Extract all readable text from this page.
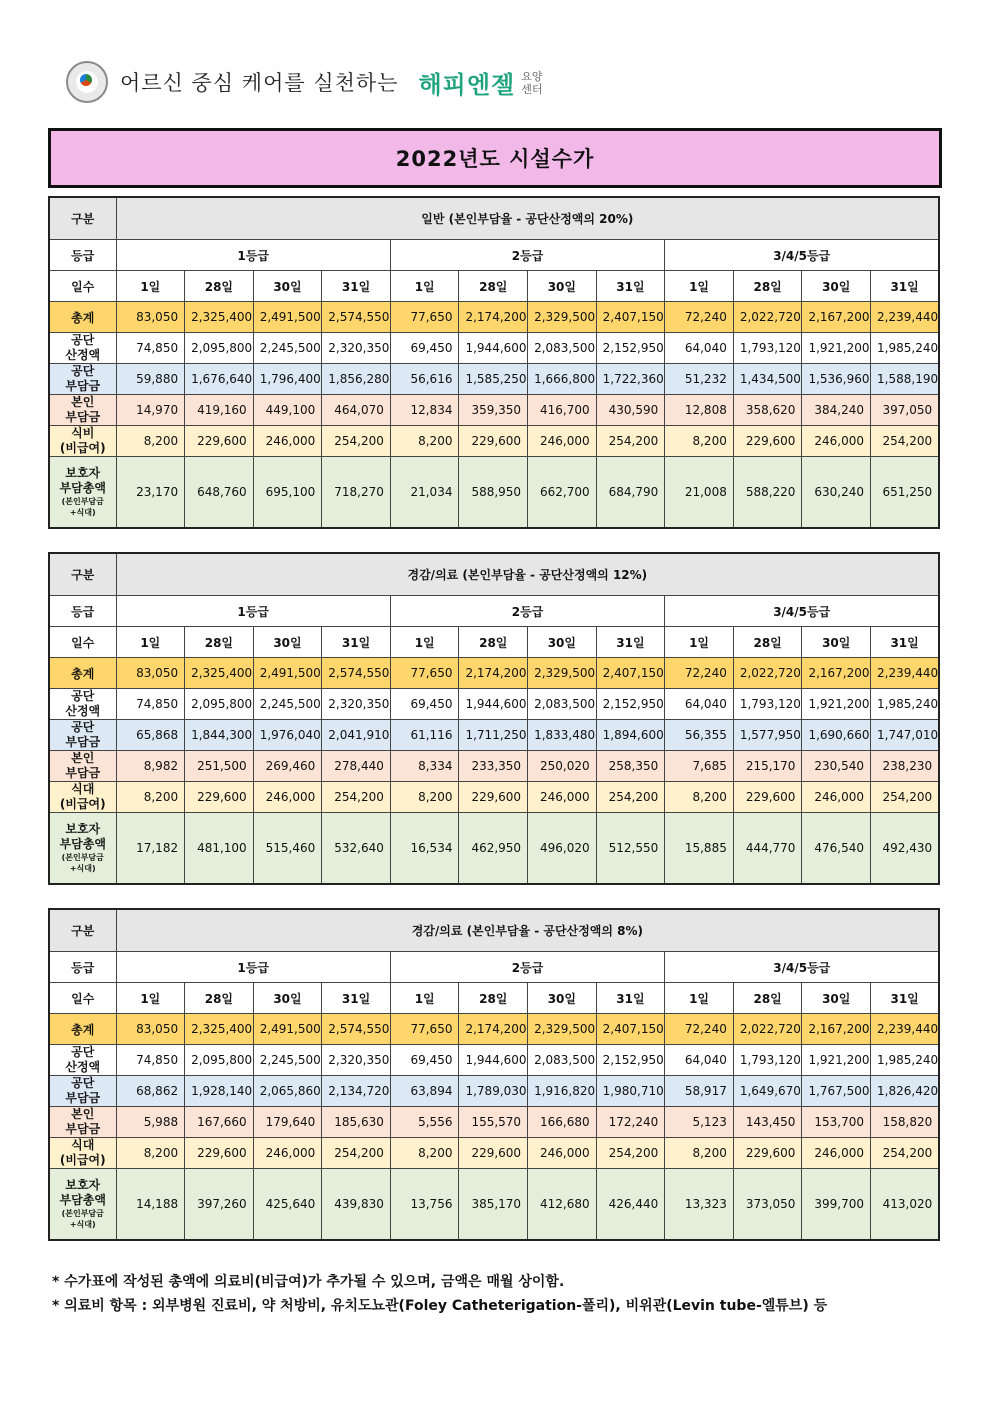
어르신 중심 케어를 실천하는 해피엔젤 요양
센터
2022년도 시설수가
구분	일반 (본인부담율 - 공단산정액의 20%)											
등급	1등급				2등급				3/4/5등급			
일수	1일	28일	30일	31일	1일	28일	30일	31일	1일	28일	30일	31일
총계	83,050	2,325,400	2,491,500	2,574,550	77,650	2,174,200	2,329,500	2,407,150	72,240	2,022,720	2,167,200	2,239,440

공단
산정액	74,850	2,095,800	2,245,500	2,320,350	69,450	1,944,600	2,083,500	2,152,950	64,040	1,793,120	1,921,200	1,985,240

공단
부담금	59,880	1,676,640	1,796,400	1,856,280	56,616	1,585,250	1,666,800	1,722,360	51,232	1,434,500	1,536,960	1,588,190

본인
부담금	14,970	419,160	449,100	464,070	12,834	359,350	416,700	430,590	12,808	358,620	384,240	397,050

식비
(비급여)	8,200	229,600	246,000	254,200	8,200	229,600	246,000	254,200	8,200	229,600	246,000	254,200

보호자
부담총액
(본인부담금
+식대)	23,170	648,760	695,100	718,270	21,034	588,950	662,700	684,790	21,008	588,220	630,240	651,250
구분	경감/의료 (본인부담율 - 공단산정액의 12%)											
등급	1등급				2등급				3/4/5등급			
일수	1일	28일	30일	31일	1일	28일	30일	31일	1일	28일	30일	31일
총계	83,050	2,325,400	2,491,500	2,574,550	77,650	2,174,200	2,329,500	2,407,150	72,240	2,022,720	2,167,200	2,239,440

공단
산정액	74,850	2,095,800	2,245,500	2,320,350	69,450	1,944,600	2,083,500	2,152,950	64,040	1,793,120	1,921,200	1,985,240

공단
부담금	65,868	1,844,300	1,976,040	2,041,910	61,116	1,711,250	1,833,480	1,894,600	56,355	1,577,950	1,690,660	1,747,010

본인
부담금	8,982	251,500	269,460	278,440	8,334	233,350	250,020	258,350	7,685	215,170	230,540	238,230

식대
(비급여)	8,200	229,600	246,000	254,200	8,200	229,600	246,000	254,200	8,200	229,600	246,000	254,200

보호자
부담총액
(본인부담금
+식대)	17,182	481,100	515,460	532,640	16,534	462,950	496,020	512,550	15,885	444,770	476,540	492,430
구분	경감/의료 (본인부담율 - 공단산정액의 8%)											
등급	1등급				2등급				3/4/5등급			
일수	1일	28일	30일	31일	1일	28일	30일	31일	1일	28일	30일	31일
총계	83,050	2,325,400	2,491,500	2,574,550	77,650	2,174,200	2,329,500	2,407,150	72,240	2,022,720	2,167,200	2,239,440

공단
산정액	74,850	2,095,800	2,245,500	2,320,350	69,450	1,944,600	2,083,500	2,152,950	64,040	1,793,120	1,921,200	1,985,240

공단
부담금	68,862	1,928,140	2,065,860	2,134,720	63,894	1,789,030	1,916,820	1,980,710	58,917	1,649,670	1,767,500	1,826,420

본인
부담금	5,988	167,660	179,640	185,630	5,556	155,570	166,680	172,240	5,123	143,450	153,700	158,820

식대
(비급여)	8,200	229,600	246,000	254,200	8,200	229,600	246,000	254,200	8,200	229,600	246,000	254,200

보호자
부담총액
(본인부담금
+식대)	14,188	397,260	425,640	439,830	13,756	385,170	412,680	426,440	13,323	373,050	399,700	413,020
* 수가표에 작성된 총액에 의료비(비급여)가 추가될 수 있으며, 금액은 매월 상이함.
* 의료비 항목 : 외부병원 진료비, 약 처방비, 유치도뇨관(Foley Catheterigation-폴리), 비위관(Levin tube-엘튜브) 등
